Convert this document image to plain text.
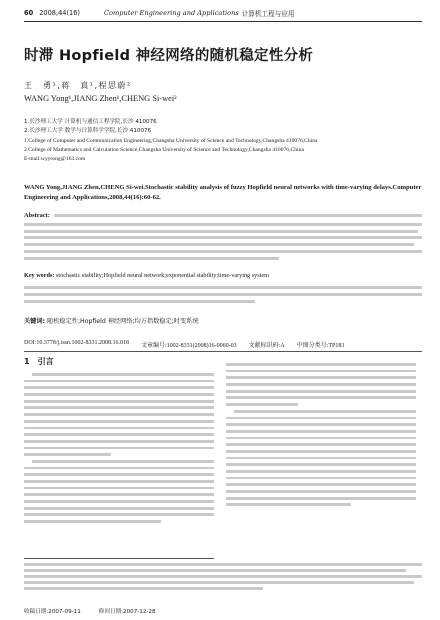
60 2008,44(16)	Computer Engineering and Applications 计算机工程与应用
时滞 Hopfield 神经网络的随机稳定性分析
王　勇¹,蒋　真¹,程思蔚²
WANG Yong¹,JIANG Zhen¹,CHENG Si-wei²
1.长沙理工大学 计算机与通信工程学院,长沙 410076
2.长沙理工大学 数学与计算科学学院,长沙 410076
1.College of Computer and Communication Engineering,Changsha University of Science and Technology,Changsha 410076,China
2.College of Mathematics and Calculation Science,Changsha University of Science and Technology,Changsha 410076,China
E-mail:wyyrong@163.com
WANG Yong,JIANG Zhen,CHENG Si-wei.Stochastic stability analysis of fuzzy Hopfield neural networks with time-varying delays.Computer Engineering and Applications,2008,44(16):60-62.
Abstract:
Key words: stochastic stability;Hopfield neural network;exponential stability;time-varying system
关键词: 随机稳定性;Hopfield 神经网络;均方指数稳定;时变系统
DOI:10.3778/j.issn.1002-8331.2008.16.018 文章编号:1002-8331(2008)16-0060-03 文献标识码:A 中图分类号:TP183
1　引言
收稿日期:2007-09-11	修回日期:2007-12-28
